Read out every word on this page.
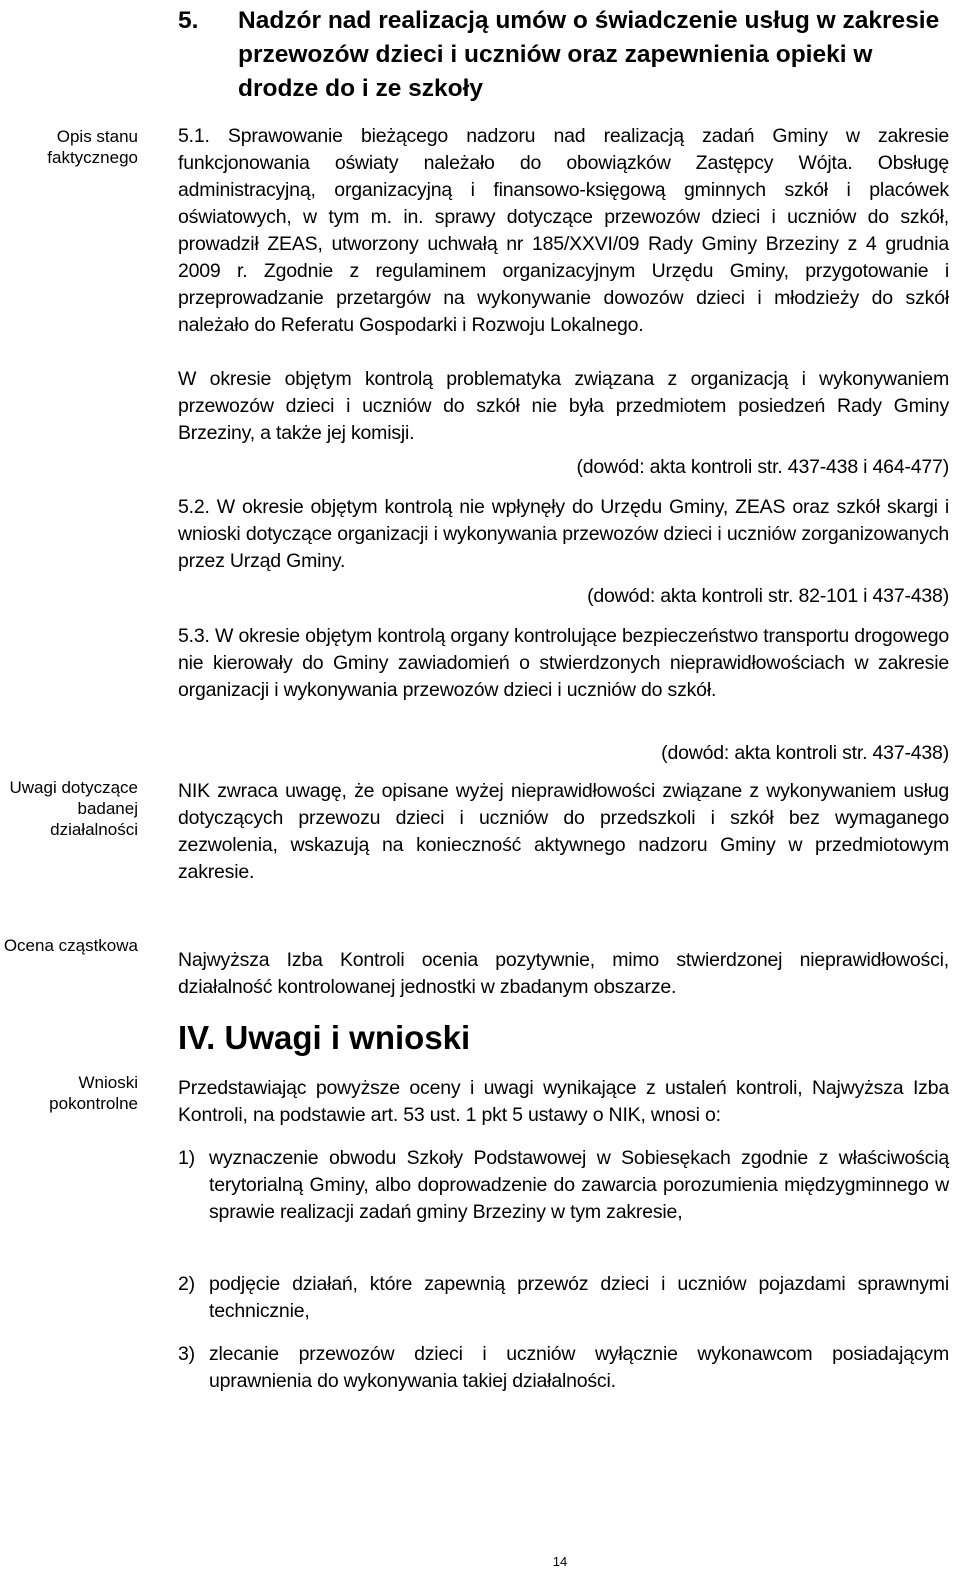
Opis stanu faktycznego
Uwagi dotyczące badanej działalności
Ocena cząstkowa
Wnioski pokontrolne
5. Nadzór nad realizacją umów o świadczenie usług w zakresie przewozów dzieci i uczniów oraz zapewnienia opieki w drodze do i ze szkoły
5.1. Sprawowanie bieżącego nadzoru nad realizacją zadań Gminy w zakresie funkcjonowania oświaty należało do obowiązków Zastępcy Wójta. Obsługę administracyjną, organizacyjną i finansowo-księgową gminnych szkół i placówek oświatowych, w tym m. in. sprawy dotyczące przewozów dzieci i uczniów do szkół, prowadził ZEAS, utworzony uchwałą nr 185/XXVI/09 Rady Gminy Brzeziny z 4 grudnia 2009 r. Zgodnie z regulaminem organizacyjnym Urzędu Gminy, przygotowanie i przeprowadzanie przetargów na wykonywanie dowozów dzieci i młodzieży do szkół należało do Referatu Gospodarki i Rozwoju Lokalnego.
W okresie objętym kontrolą problematyka związana z organizacją i wykonywaniem przewozów dzieci i uczniów do szkół nie była przedmiotem posiedzeń Rady Gminy Brzeziny, a także jej komisji.
(dowód: akta kontroli str. 437-438 i 464-477)
5.2. W okresie objętym kontrolą nie wpłynęły do Urzędu Gminy, ZEAS oraz szkół skargi i wnioski dotyczące organizacji i wykonywania przewozów dzieci i uczniów zorganizowanych przez Urząd Gminy.
(dowód: akta kontroli str. 82-101 i 437-438)
5.3. W okresie objętym kontrolą organy kontrolujące bezpieczeństwo transportu drogowego nie kierowały do Gminy zawiadomień o stwierdzonych nieprawidłowościach w zakresie organizacji i wykonywania przewozów dzieci i uczniów do szkół.
(dowód: akta kontroli str. 437-438)
NIK zwraca uwagę, że opisane wyżej nieprawidłowości związane z wykonywaniem usług dotyczących przewozu dzieci i uczniów do przedszkoli i szkół bez wymaganego zezwolenia, wskazują na konieczność aktywnego nadzoru Gminy w przedmiotowym zakresie.
Najwyższa Izba Kontroli ocenia pozytywnie, mimo stwierdzonej nieprawidłowości, działalność kontrolowanej jednostki w zbadanym obszarze.
IV. Uwagi i wnioski
Przedstawiając powyższe oceny i uwagi wynikające z ustaleń kontroli, Najwyższa Izba Kontroli, na podstawie art. 53 ust. 1 pkt 5 ustawy o NIK, wnosi o:
1) wyznaczenie obwodu Szkoły Podstawowej w Sobiesękach zgodnie z właściwością terytorialną Gminy, albo doprowadzenie do zawarcia porozumienia międzygminnego w sprawie realizacji zadań gminy Brzeziny w tym zakresie,
2) podjęcie działań, które zapewnią przewóz dzieci i uczniów pojazdami sprawnymi technicznie,
3) zlecanie przewozów dzieci i uczniów wyłącznie wykonawcom posiadającym uprawnienia do wykonywania takiej działalności.
14
